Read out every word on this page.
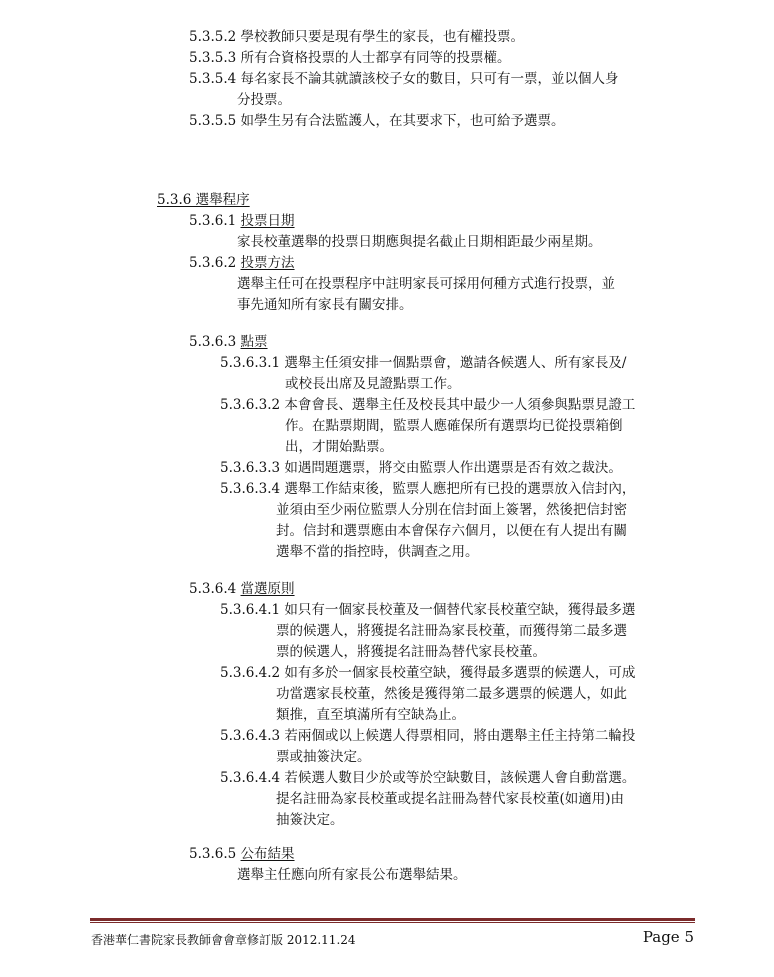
5.3.5.2 學校教師只要是現有學生的家長，也有權投票。
5.3.5.3 所有合資格投票的人士都享有同等的投票權。
5.3.5.4 每名家長不論其就讀該校子女的數目，只可有一票，並以個人身
分投票。
5.3.5.5 如學生另有合法監護人，在其要求下，也可給予選票。
5.3.6 選舉程序
5.3.6.1 投票日期
家長校董選舉的投票日期應與提名截止日期相距最少兩星期。
5.3.6.2 投票方法
選舉主任可在投票程序中註明家長可採用何種方式進行投票，並
事先通知所有家長有關安排。
5.3.6.3 點票
5.3.6.3.1 選舉主任須安排一個點票會，邀請各候選人、所有家長及/
或校長出席及見證點票工作。
5.3.6.3.2 本會會長、選舉主任及校長其中最少一人須參與點票見證工
作。在點票期間，監票人應確保所有選票均已從投票箱倒
出，才開始點票。
5.3.6.3.3 如遇問題選票，將交由監票人作出選票是否有效之裁決。
5.3.6.3.4 選舉工作結束後，監票人應把所有已投的選票放入信封內，
並須由至少兩位監票人分別在信封面上簽署，然後把信封密
封。信封和選票應由本會保存六個月，以便在有人提出有關
選舉不當的指控時，供調查之用。
5.3.6.4 當選原則
5.3.6.4.1 如只有一個家長校董及一個替代家長校董空缺，獲得最多選
票的候選人，將獲提名註冊為家長校董，而獲得第二最多選
票的候選人，將獲提名註冊為替代家長校董。
5.3.6.4.2 如有多於一個家長校董空缺，獲得最多選票的候選人，可成
功當選家長校董，然後是獲得第二最多選票的候選人，如此
類推，直至填滿所有空缺為止。
5.3.6.4.3 若兩個或以上候選人得票相同，將由選舉主任主持第二輪投
票或抽簽決定。
5.3.6.4.4 若候選人數目少於或等於空缺數目，該候選人會自動當選。
提名註冊為家長校董或提名註冊為替代家長校董(如適用)由
抽簽決定。
5.3.6.5 公布結果
選舉主任應向所有家長公布選舉結果。
香港華仁書院家長教師會會章修訂版 2012.11.24	Page 5
